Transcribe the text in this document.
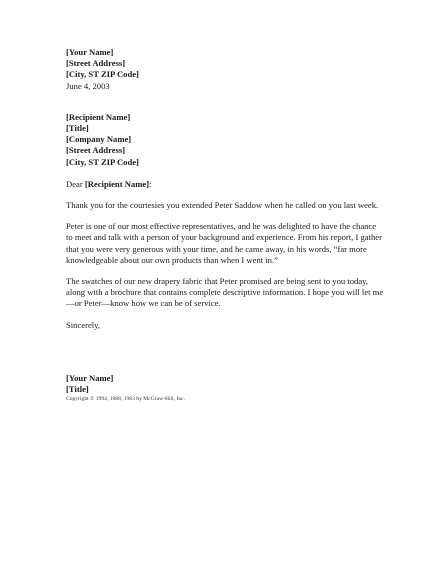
[Your Name]

[Street Address]

[City, ST ZIP Code]

June 4, 2003

[Recipient Name]

[Title]

[Company Name]

[Street Address]

[City, ST ZIP Code]

Dear [Recipient Name]:

Thank you for the courtesies you extended Peter Saddow when he called on you last week.

Peter is one of our most effective representatives, and he was delighted to have the chance to meet and talk with a person of your background and experience. From his report, I gather that you were very generous with your time, and he came away, in his words, “far more knowledgeable about our own products than when I went in.”

The swatches of our new drapery fabric that Peter promised are being sent to you today, along with a brochure that contains complete descriptive information. I hope you will let me—or Peter—know how we can be of service.

Sincerely,

[Your Name]

[Title]

Copyright © 1994, 1988, 1983 by McGraw-Hill, Inc.
